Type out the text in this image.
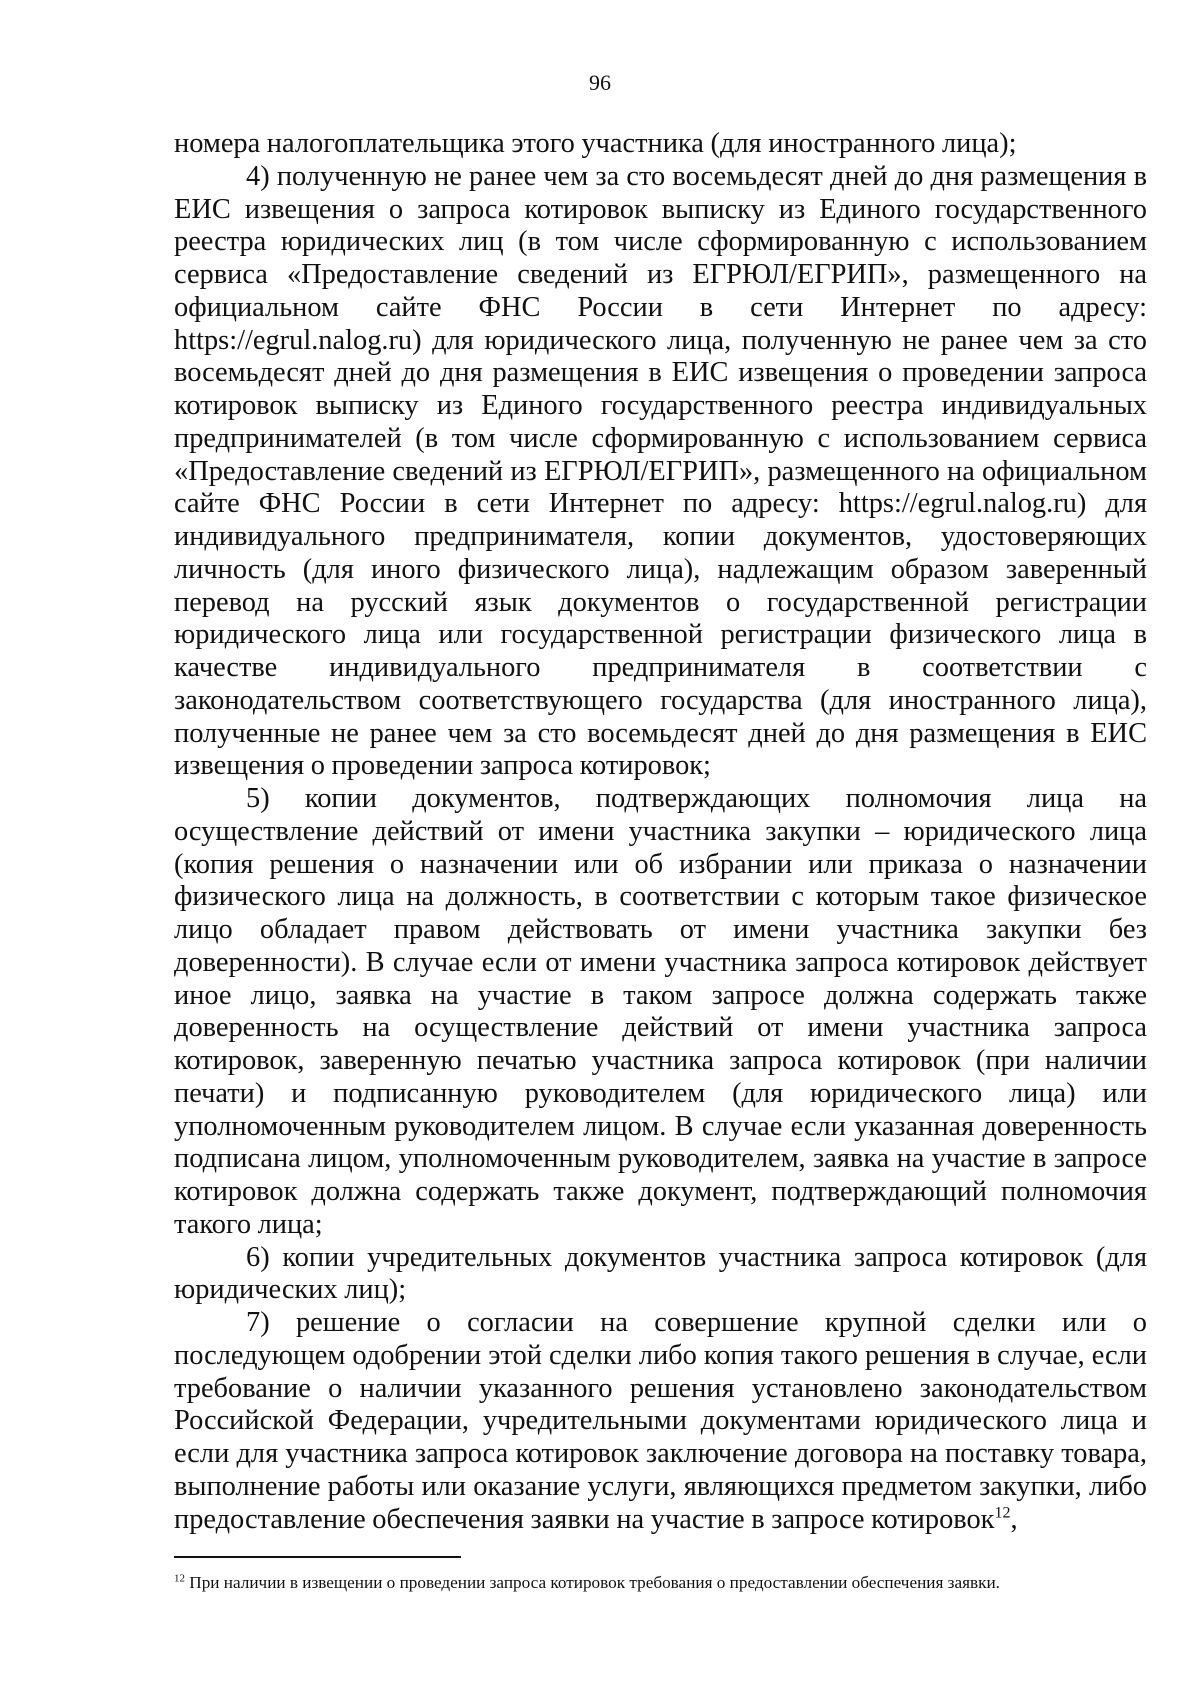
96

номера налогоплательщика этого участника (для иностранного лица);

4) полученную не ранее чем за сто восемьдесят дней до дня размещения в ЕИС извещения о запроса котировок выписку из Единого государственного реестра юридических лиц (в том числе сформированную с использованием сервиса «Предоставление сведений из ЕГРЮЛ/ЕГРИП», размещенного на официальном сайте ФНС России в сети Интернет по адресу: https://egrul.nalog.ru) для юридического лица, полученную не ранее чем за сто восемьдесят дней до дня размещения в ЕИС извещения о проведении запроса котировок выписку из Единого государственного реестра индивидуальных предпринимателей (в том числе сформированную с использованием сервиса «Предоставление сведений из ЕГРЮЛ/ЕГРИП», размещенного на официальном сайте ФНС России в сети Интернет по адресу: https://egrul.nalog.ru) для индивидуального предпринимателя, копии документов, удостоверяющих личность (для иного физического лица), надлежащим образом заверенный перевод на русский язык документов о государственной регистрации юридического лица или государственной регистрации физического лица в качестве индивидуального предпринимателя в соответствии с законодательством соответствующего государства (для иностранного лица), полученные не ранее чем за сто восемьдесят дней до дня размещения в ЕИС извещения о проведении запроса котировок;

5) копии документов, подтверждающих полномочия лица на осуществление действий от имени участника закупки – юридического лица (копия решения о назначении или об избрании или приказа о назначении физического лица на должность, в соответствии с которым такое физическое лицо обладает правом действовать от имени участника закупки без доверенности). В случае если от имени участника запроса котировок действует иное лицо, заявка на участие в таком запросе должна содержать также доверенность на осуществление действий от имени участника запроса котировок, заверенную печатью участника запроса котировок (при наличии печати) и подписанную руководителем (для юридического лица) или уполномоченным руководителем лицом. В случае если указанная доверенность подписана лицом, уполномоченным руководителем, заявка на участие в запросе котировок должна содержать также документ, подтверждающий полномочия такого лица;

6) копии учредительных документов участника запроса котировок (для юридических лиц);

7) решение о согласии на совершение крупной сделки или о последующем одобрении этой сделки либо копия такого решения в случае, если требование о наличии указанного решения установлено законодательством Российской Федерации, учредительными документами юридического лица и если для участника запроса котировок заключение договора на поставку товара, выполнение работы или оказание услуги, являющихся предметом закупки, либо предоставление обеспечения заявки на участие в запросе котировок$^{12}$,

$^{12}$ При наличии в извещении о проведении запроса котировок требования о предоставлении обеспечения заявки.
